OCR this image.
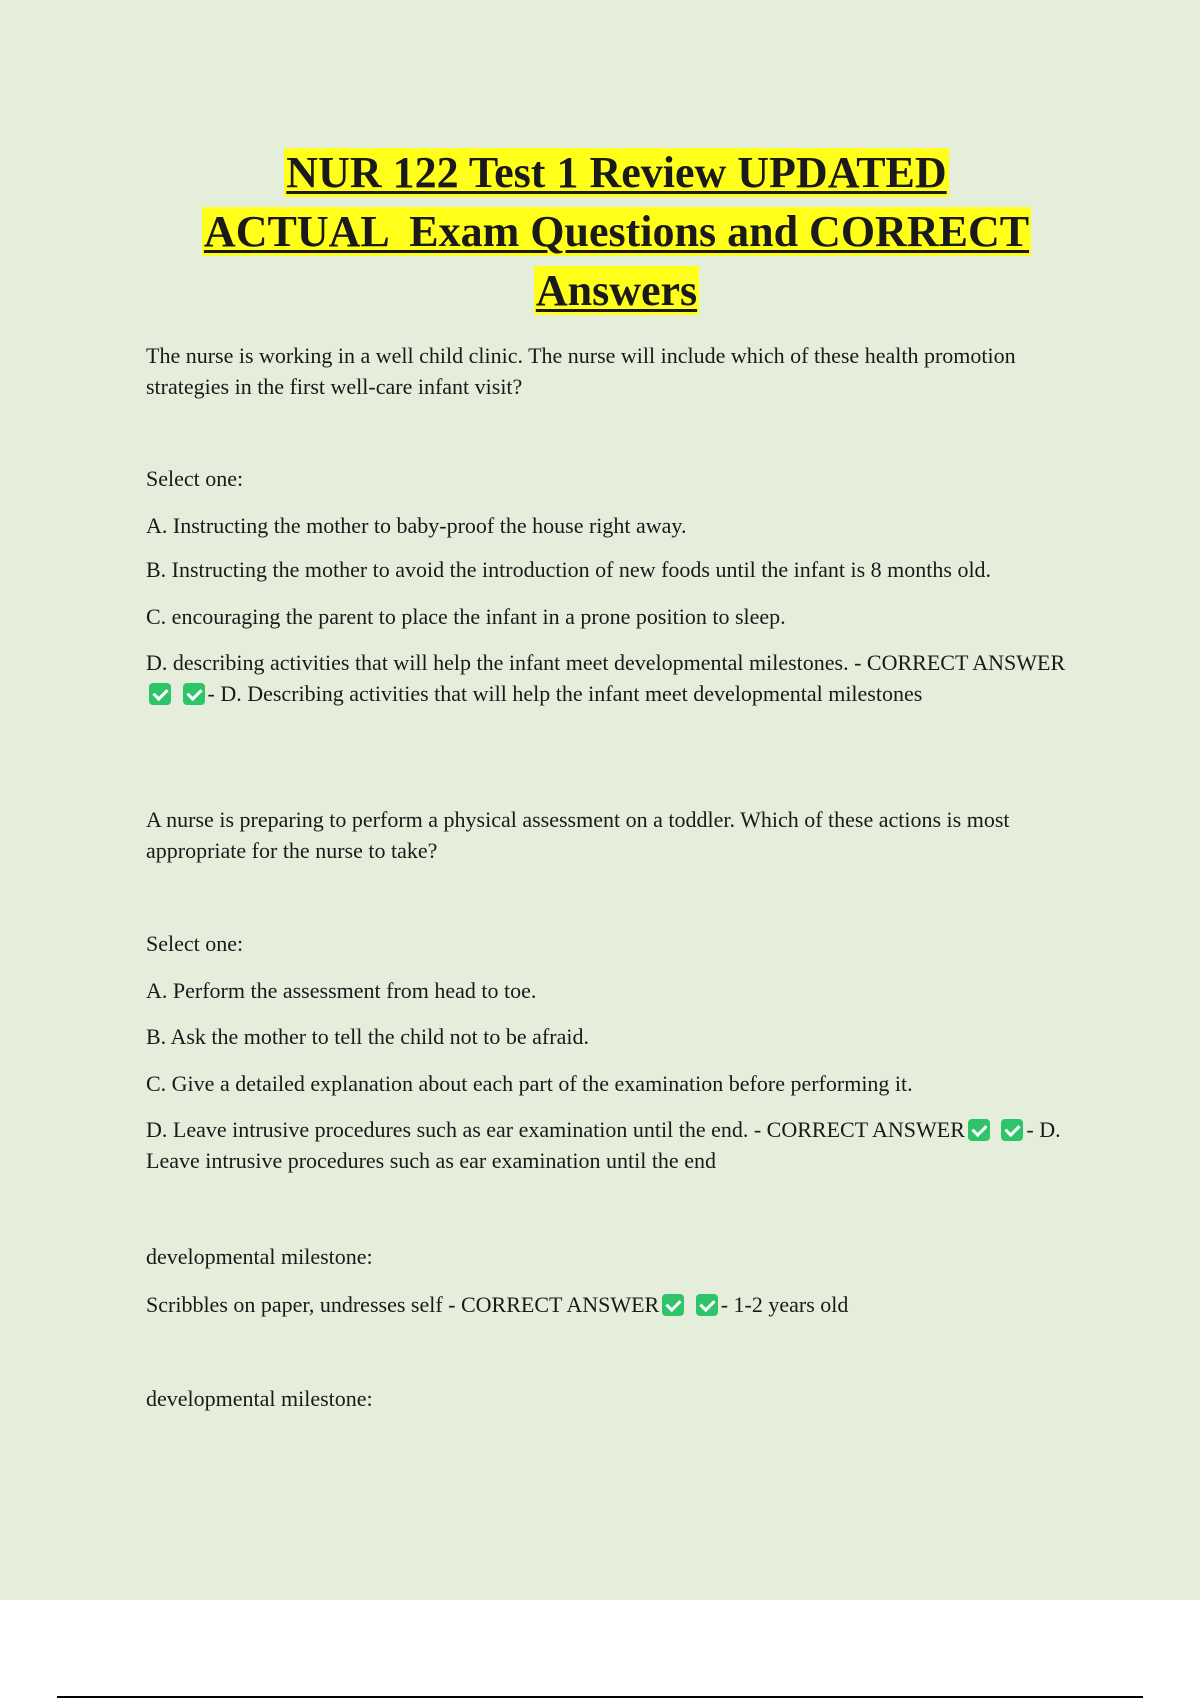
NUR 122 Test 1 Review UPDATED
ACTUAL  Exam Questions and CORRECT
Answers

The nurse is working in a well child clinic. The nurse will include which of these health promotion strategies in the first well-care infant visit?

Select one:

A. Instructing the mother to baby-proof the house right away.

B. Instructing the mother to avoid the introduction of new foods until the infant is 8 months old.

C. encouraging the parent to place the infant in a prone position to sleep.

D. describing activities that will help the infant meet developmental milestones. - CORRECT ANSWER - D. Describing activities that will help the infant meet developmental milestones

A nurse is preparing to perform a physical assessment on a toddler. Which of these actions is most appropriate for the nurse to take?

Select one:

A. Perform the assessment from head to toe.

B. Ask the mother to tell the child not to be afraid.

C. Give a detailed explanation about each part of the examination before performing it.

D. Leave intrusive procedures such as ear examination until the end. - CORRECT ANSWER	- D. Leave intrusive procedures such as ear examination until the end

developmental milestone:

Scribbles on paper, undresses self - CORRECT ANSWER	- 1-2 years old

developmental milestone:
